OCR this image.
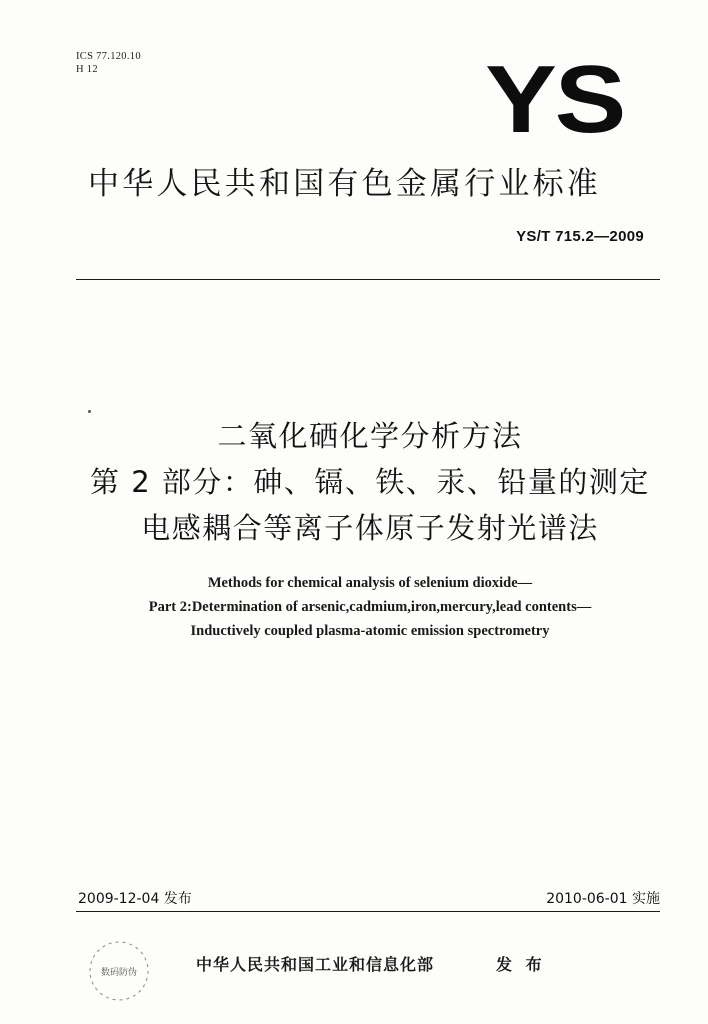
ICS 77.120.10
H 12	YS
中华人民共和国有色金属行业标准
YS/T 715.2—2009
二氧化硒化学分析方法
第 2 部分：砷、镉、铁、汞、铅量的测定
电感耦合等离子体原子发射光谱法
Methods for chemical analysis of selenium dioxide—
Part 2:Determination of arsenic,cadmium,iron,mercury,lead contents—
Inductively coupled plasma-atomic emission spectrometry
2009-12-04 发布	2010-06-01 实施
数码防伪	中华人民共和国工业和信息化部	发 布
